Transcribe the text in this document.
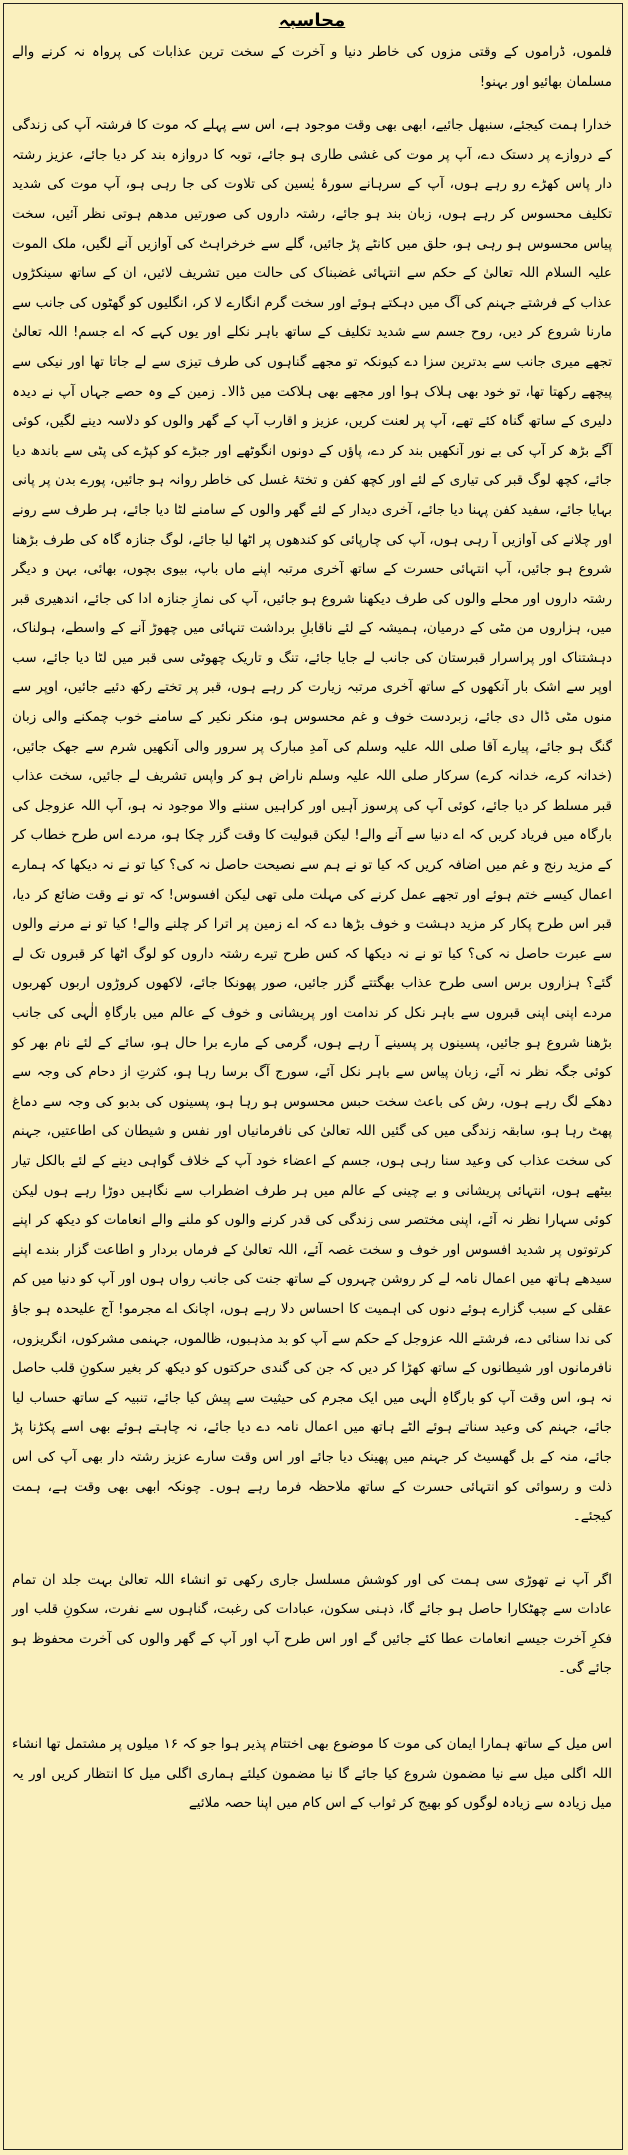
محاسبہ

فلموں، ڈراموں کے وقتی مزوں کی خاطر دنیا و آخرت کے سخت ترین عذابات کی پرواہ نہ کرنے والے مسلمان بھائیو اور بہنو!

خدارا ہمت کیجئے، سنبھل جائیے، ابھی بھی وقت موجود ہے، اس سے پہلے کہ موت کا فرشتہ آپ کی زندگی کے دروازے پر دستک دے، آپ پر موت کی غشی طاری ہو جائے، توبہ کا دروازہ بند کر دیا جائے، عزیز رشتہ دار پاس کھڑے رو رہے ہوں، آپ کے سرہانے سورۂ یٰسین کی تلاوت کی جا رہی ہو، آپ موت کی شدید تکلیف محسوس کر رہے ہوں، زبان بند ہو جائے، رشتہ داروں کی صورتیں مدھم ہوتی نظر آئیں، سخت پیاس محسوس ہو رہی ہو، حلق میں کانٹے پڑ جائیں، گلے سے خرخراہٹ کی آوازیں آنے لگیں، ملک الموت علیہ السلام اللہ تعالیٰ کے حکم سے انتہائی غضبناک کی حالت میں تشریف لائیں، ان کے ساتھ سینکڑوں عذاب کے فرشتے جہنم کی آگ میں دہکتے ہوئے اور سخت گرم انگارے لا کر، انگلیوں کو گھٹوں کی جانب سے مارنا شروع کر دیں، روح جسم سے شدید تکلیف کے ساتھ باہر نکلے اور یوں کہے کہ اے جسم! اللہ تعالیٰ تجھے میری جانب سے بدترین سزا دے کیونکہ تو مجھے گناہوں کی طرف تیزی سے لے جاتا تھا اور نیکی سے پیچھے رکھتا تھا، تو خود بھی ہلاک ہوا اور مجھے بھی ہلاکت میں ڈالا۔ زمین کے وہ حصے جہاں آپ نے دیدہ دلیری کے ساتھ گناہ کئے تھے، آپ پر لعنت کریں، عزیز و اقارب آپ کے گھر والوں کو دلاسہ دینے لگیں، کوئی آگے بڑھ کر آپ کی بے نور آنکھیں بند کر دے، پاؤں کے دونوں انگوٹھے اور جبڑے کو کپڑے کی پٹی سے باندھ دیا جائے، کچھ لوگ قبر کی تیاری کے لئے اور کچھ کفن و تختۂ غسل کی خاطر روانہ ہو جائیں، پورے بدن پر پانی بہایا جائے، سفید کفن پہنا دیا جائے، آخری دیدار کے لئے گھر والوں کے سامنے لٹا دیا جائے، ہر طرف سے رونے اور چلانے کی آوازیں آ رہی ہوں، آپ کی چارپائی کو کندھوں پر اٹھا لیا جائے، لوگ جنازہ گاہ کی طرف بڑھنا شروع ہو جائیں، آپ انتہائی حسرت کے ساتھ آخری مرتبہ اپنے ماں باپ، بیوی بچوں، بھائی، بہن و دیگر رشتہ داروں اور محلے والوں کی طرف دیکھنا شروع ہو جائیں، آپ کی نمازِ جنازہ ادا کی جائے، اندھیری قبر میں، ہزاروں من مٹی کے درمیان، ہمیشہ کے لئے ناقابلِ برداشت تنہائی میں چھوڑ آنے کے واسطے، ہولناک، دہشتناک اور پراسرار قبرستان کی جانب لے جایا جائے، تنگ و تاریک چھوٹی سی قبر میں لٹا دیا جائے، سب اوپر سے اشک بار آنکھوں کے ساتھ آخری مرتبہ زیارت کر رہے ہوں، قبر پر تختے رکھ دئیے جائیں، اوپر سے منوں مٹی ڈال دی جائے، زبردست خوف و غم محسوس ہو، منکر نکیر کے سامنے خوب چمکنے والی زبان گنگ ہو جائے، پیارے آقا صلی اللہ علیہ وسلم کی آمدِ مبارک پر سرور والی آنکھیں شرم سے جھک جائیں، (خدانہ کرے، خدانہ کرے) سرکار صلی اللہ علیہ وسلم ناراض ہو کر واپس تشریف لے جائیں، سخت عذاب قبر مسلط کر دیا جائے، کوئی آپ کی پرسوز آہیں اور کراہیں سننے والا موجود نہ ہو، آپ اللہ عزوجل کی بارگاہ میں فریاد کریں کہ اے دنیا سے آنے والے! لیکن قبولیت کا وقت گزر چکا ہو، مردے اس طرح خطاب کر کے مزید رنج و غم میں اضافہ کریں کہ کیا تو نے ہم سے نصیحت حاصل نہ کی؟ کیا تو نے نہ دیکھا کہ ہمارے اعمال کیسے ختم ہوئے اور تجھے عمل کرنے کی مہلت ملی تھی لیکن افسوس! کہ تو نے وقت ضائع کر دیا، قبر اس طرح پکار کر مزید دہشت و خوف بڑھا دے کہ اے زمین پر اترا کر چلنے والے! کیا تو نے مرنے والوں سے عبرت حاصل نہ کی؟ کیا تو نے نہ دیکھا کہ کس طرح تیرے رشتہ داروں کو لوگ اٹھا کر قبروں تک لے گئے؟ ہزاروں برس اسی طرح عذاب بھگتتے گزر جائیں، صور پھونکا جائے، لاکھوں کروڑوں اربوں کھربوں مردے اپنی اپنی قبروں سے باہر نکل کر ندامت اور پریشانی و خوف کے عالم میں بارگاہِ الٰہی کی جانب بڑھنا شروع ہو جائیں، پسینوں پر پسینے آ رہے ہوں، گرمی کے مارے برا حال ہو، سائے کے لئے نام بھر کو کوئی جگہ نظر نہ آئے، زبان پیاس سے باہر نکل آئے، سورج آگ برسا رہا ہو، کثرتِ از دحام کی وجہ سے دھکے لگ رہے ہوں، رش کی باعث سخت حبس محسوس ہو رہا ہو، پسینوں کی بدبو کی وجہ سے دماغ پھٹ رہا ہو، سابقہ زندگی میں کی گئیں اللہ تعالیٰ کی نافرمانیاں اور نفس و شیطان کی اطاعتیں، جہنم کی سخت عذاب کی وعید سنا رہی ہوں، جسم کے اعضاء خود آپ کے خلاف گواہی دینے کے لئے بالکل تیار بیٹھے ہوں، انتہائی پریشانی و بے چینی کے عالم میں ہر طرف اضطراب سے نگاہیں دوڑا رہے ہوں لیکن کوئی سہارا نظر نہ آئے، اپنی مختصر سی زندگی کی قدر کرنے والوں کو ملنے والے انعامات کو دیکھ کر اپنے کرتوتوں پر شدید افسوس اور خوف و سخت غصہ آئے، اللہ تعالیٰ کے فرماں بردار و اطاعت گزار بندے اپنے سیدھے ہاتھ میں اعمال نامہ لے کر روشن چہروں کے ساتھ جنت کی جانب رواں ہوں اور آپ کو دنیا میں کم عقلی کے سبب گزارے ہوئے دنوں کی اہمیت کا احساس دلا رہے ہوں، اچانک اے مجرمو! آج علیحدہ ہو جاؤ کی ندا سنائی دے، فرشتے اللہ عزوجل کے حکم سے آپ کو بد مذہبوں، ظالموں، جہنمی مشرکوں، انگریزوں، نافرمانوں اور شیطانوں کے ساتھ کھڑا کر دیں کہ جن کی گندی حرکتوں کو دیکھ کر بغیر سکونِ قلب حاصل نہ ہو، اس وقت آپ کو بارگاہِ الٰہی میں ایک مجرم کی حیثیت سے پیش کیا جائے، تنبیہ کے ساتھ حساب لیا جائے، جہنم کی وعید سناتے ہوئے الٹے ہاتھ میں اعمال نامہ دے دیا جائے، نہ چاہتے ہوئے بھی اسے پکڑنا پڑ جائے، منہ کے بل گھسیٹ کر جہنم میں پھینک دیا جائے اور اس وقت سارے عزیز رشتہ دار بھی آپ کی اس ذلت و رسوائی کو انتہائی حسرت کے ساتھ ملاحظہ فرما رہے ہوں۔ چونکہ ابھی بھی وقت ہے، ہمت کیجئے۔

اگر آپ نے تھوڑی سی ہمت کی اور کوشش مسلسل جاری رکھی تو انشاء اللہ تعالیٰ بہت جلد ان تمام عادات سے چھٹکارا حاصل ہو جائے گا، ذہنی سکون، عبادات کی رغبت، گناہوں سے نفرت، سکونِ قلب اور فکرِ آخرت جیسے انعامات عطا کئے جائیں گے اور اس طرح آپ اور آپ کے گھر والوں کی آخرت محفوظ ہو جائے گی۔

اس میل کے ساتھ ہمارا ایمان کی موت کا موضوع بھی اختتام پذیر ہوا جو کہ ۱۶ میلوں پر مشتمل تھا انشاء اللہ اگلی میل سے نیا مضمون شروع کیا جائے گا نیا مضمون کیلئے ہماری اگلی میل کا انتظار کریں اور یہ میل زیادہ سے زیادہ لوگوں کو بھیج کر ثواب کے اس کام میں اپنا حصہ ملائیے
